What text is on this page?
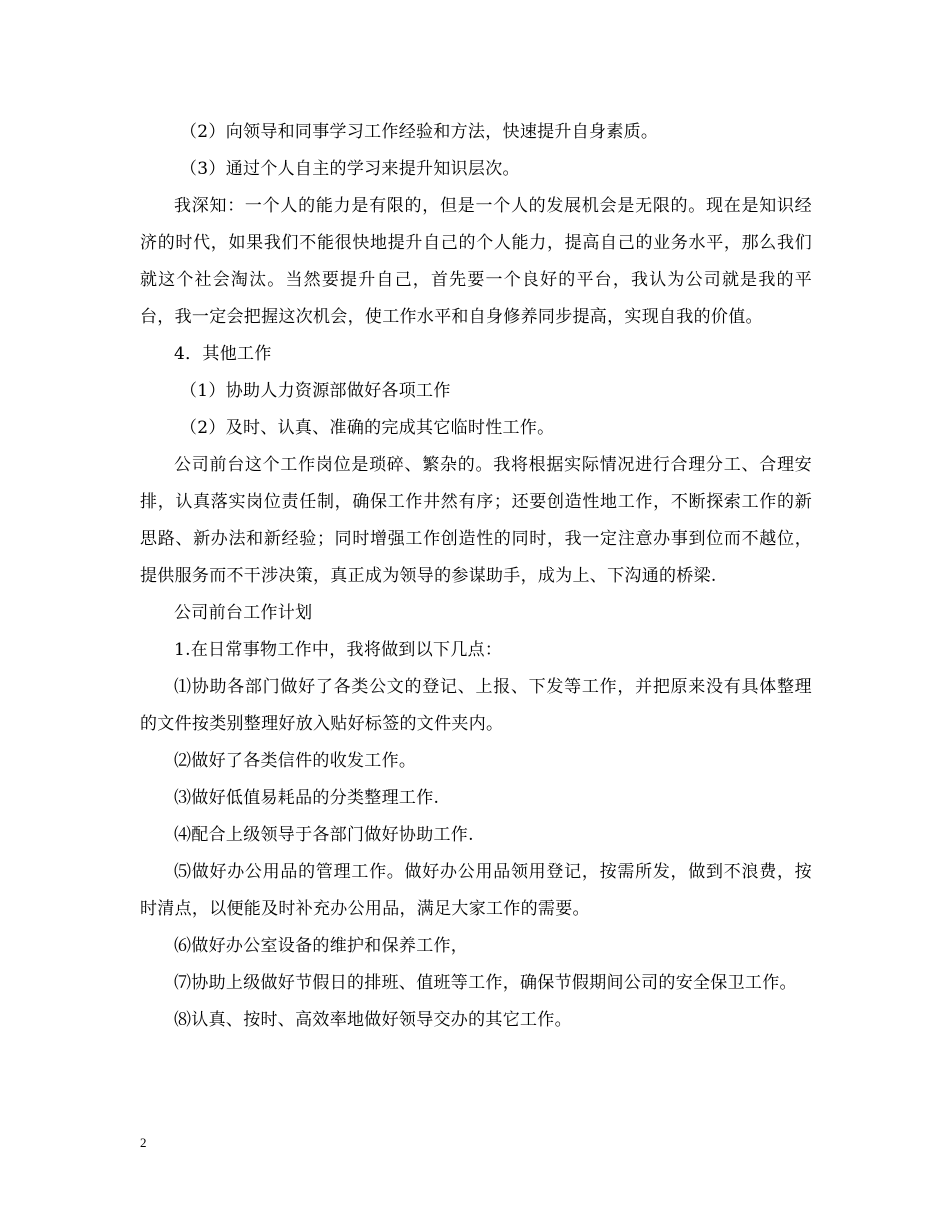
（2）向领导和同事学习工作经验和方法，快速提升自身素质。

（3）通过个人自主的学习来提升知识层次。

我深知：一个人的能力是有限的，但是一个人的发展机会是无限的。现在是知识经济的时代，如果我们不能很快地提升自己的个人能力，提高自己的业务水平，那么我们就这个社会淘汰。当然要提升自己，首先要一个良好的平台，我认为公司就是我的平台，我一定会把握这次机会，使工作水平和自身修养同步提高，实现自我的价值。

4．其他工作

（1）协助人力资源部做好各项工作

（2）及时、认真、准确的完成其它临时性工作。

公司前台这个工作岗位是琐碎、繁杂的。我将根据实际情况进行合理分工、合理安排，认真落实岗位责任制，确保工作井然有序；还要创造性地工作，不断探索工作的新思路、新办法和新经验；同时增强工作创造性的同时，我一定注意办事到位而不越位，提供服务而不干涉决策，真正成为领导的参谋助手，成为上、下沟通的桥梁.

公司前台工作计划

1.在日常事物工作中，我将做到以下几点：

⑴协助各部门做好了各类公文的登记、上报、下发等工作，并把原来没有具体整理的文件按类别整理好放入贴好标签的文件夹内。

⑵做好了各类信件的收发工作。

⑶做好低值易耗品的分类整理工作.

⑷配合上级领导于各部门做好协助工作.

⑸做好办公用品的管理工作。做好办公用品领用登记，按需所发，做到不浪费，按时清点，以便能及时补充办公用品，满足大家工作的需要。

⑹做好办公室设备的维护和保养工作，

⑺协助上级做好节假日的排班、值班等工作，确保节假期间公司的安全保卫工作。

⑻认真、按时、高效率地做好领导交办的其它工作。

2
